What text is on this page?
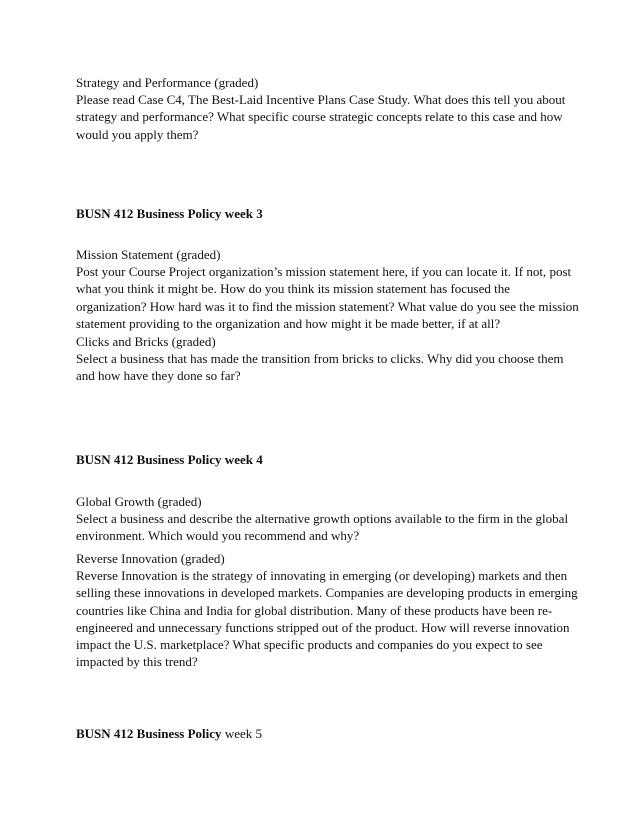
Strategy and Performance (graded)
Please read Case C4, The Best-Laid Incentive Plans Case Study. What does this tell you about
strategy and performance? What specific course strategic concepts relate to this case and how
would you apply them?
BUSN 412 Business Policy week 3
Mission Statement (graded)
Post your Course Project organization’s mission statement here, if you can locate it. If not, post
what you think it might be. How do you think its mission statement has focused the
organization? How hard was it to find the mission statement? What value do you see the mission
statement providing to the organization and how might it be made better, if at all?
Clicks and Bricks (graded)
Select a business that has made the transition from bricks to clicks. Why did you choose them
and how have they done so far?
BUSN 412 Business Policy week 4
Global Growth (graded)
Select a business and describe the alternative growth options available to the firm in the global
environment. Which would you recommend and why?
Reverse Innovation (graded)
Reverse Innovation is the strategy of innovating in emerging (or developing) markets and then
selling these innovations in developed markets. Companies are developing products in emerging
countries like China and India for global distribution. Many of these products have been re-
engineered and unnecessary functions stripped out of the product. How will reverse innovation
impact the U.S. marketplace? What specific products and companies do you expect to see
impacted by this trend?
BUSN 412 Business Policy week 5
